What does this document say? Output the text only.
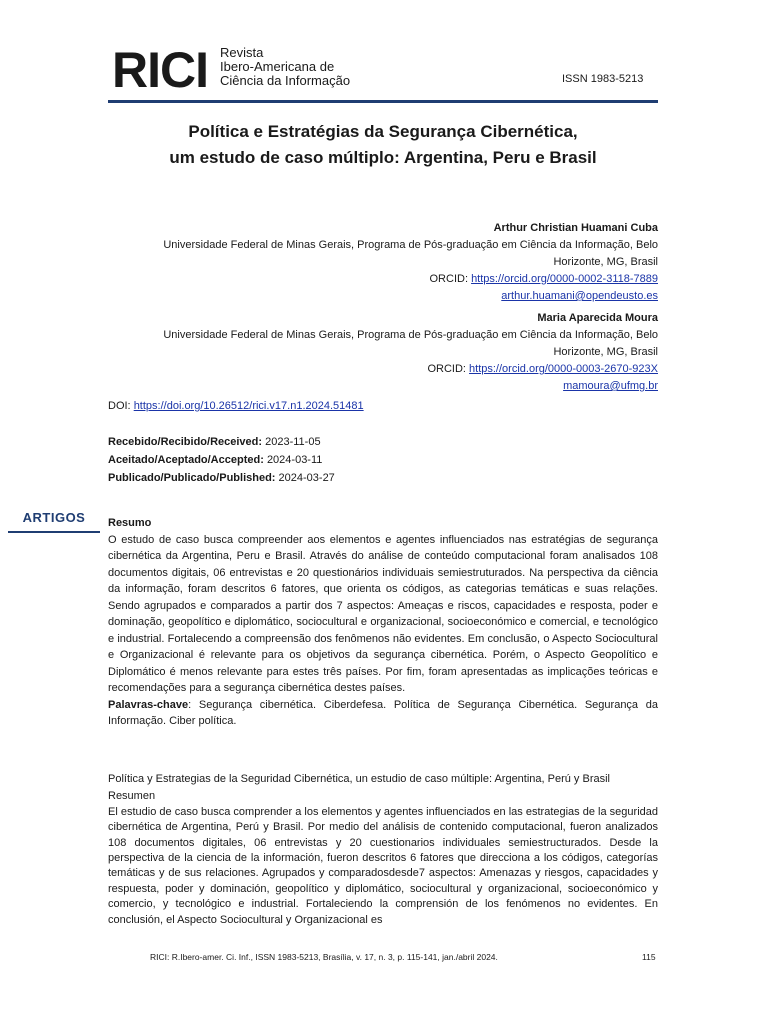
RICI Revista
Ibero-Americana de
Ciência da Informação	ISSN 1983-5213
Política e Estratégias da Segurança Cibernética,
um estudo de caso múltiplo: Argentina, Peru e Brasil
Arthur Christian Huamani Cuba
Universidade Federal de Minas Gerais, Programa de Pós-graduação em Ciência da Informação, Belo Horizonte, MG, Brasil
ORCID: https://orcid.org/0000-0002-3118-7889
arthur.huamani@opendeusto.es
Maria Aparecida Moura
Universidade Federal de Minas Gerais, Programa de Pós-graduação em Ciência da Informação, Belo Horizonte, MG, Brasil
ORCID: https://orcid.org/0000-0003-2670-923X
mamoura@ufmg.br
DOI: https://doi.org/10.26512/rici.v17.n1.2024.51481
Recebido/Recibido/Received: 2023-11-05
Aceitado/Aceptado/Accepted: 2024-03-11
Publicado/Publicado/Published: 2024-03-27
ARTIGOS	Resumo

O estudo de caso busca compreender aos elementos e agentes influenciados nas estratégias de segurança cibernética da Argentina, Peru e Brasil. Através do análise de conteúdo computacional foram analisados 108 documentos digitais, 06 entrevistas e 20 questionários individuais semiestruturados. Na perspectiva da ciência da informação, foram descritos 6 fatores, que orienta os códigos, as categorias temáticas e suas relações. Sendo agrupados e comparados a partir dos 7 aspectos: Ameaças e riscos, capacidades e resposta, poder e dominação, geopolítico e diplomático, sociocultural e organizacional, socioeconómico e comercial, e tecnológico e industrial. Fortalecendo a compreensão dos fenômenos não evidentes. Em conclusão, o Aspecto Sociocultural e Organizacional é relevante para os objetivos da segurança cibernética. Porém, o Aspecto Geopolítico e Diplomático é menos relevante para estes três países. Por fim, foram apresentadas as implicações teóricas e recomendações para a segurança cibernética destes países.

Palavras-chave: Segurança cibernética. Ciberdefesa. Política de Segurança Cibernética. Segurança da Informação. Ciber política.

Política y Estrategias de la Seguridad Cibernética, un estudio de caso múltiple: Argentina, Perú y Brasil

Resumen

El estudio de caso busca comprender a los elementos y agentes influenciados en las estrategias de la seguridad cibernética de Argentina, Perú y Brasil. Por medio del análisis de contenido computacional, fueron analizados 108 documentos digitales, 06 entrevistas y 20 cuestionarios individuales semiestructurados. Desde la perspectiva de la ciencia de la información, fueron descritos 6 fatores que direcciona a los códigos, categorías temáticas y de sus relaciones. Agrupados y comparadosdesde7 aspectos: Amenazas y riesgos, capacidades y respuesta, poder y dominación, geopolítico y diplomático, sociocultural y organizacional, socioeconómico y comercio, y tecnológico e industrial. Fortaleciendo la comprensión de los fenómenos no evidentes. En conclusión, el Aspecto Sociocultural y Organizacional es

RICI: R.Ibero-amer. Ci. Inf., ISSN 1983-5213, Brasília, v. 17, n. 3, p. 115-141, jan./abril 2024.	115
